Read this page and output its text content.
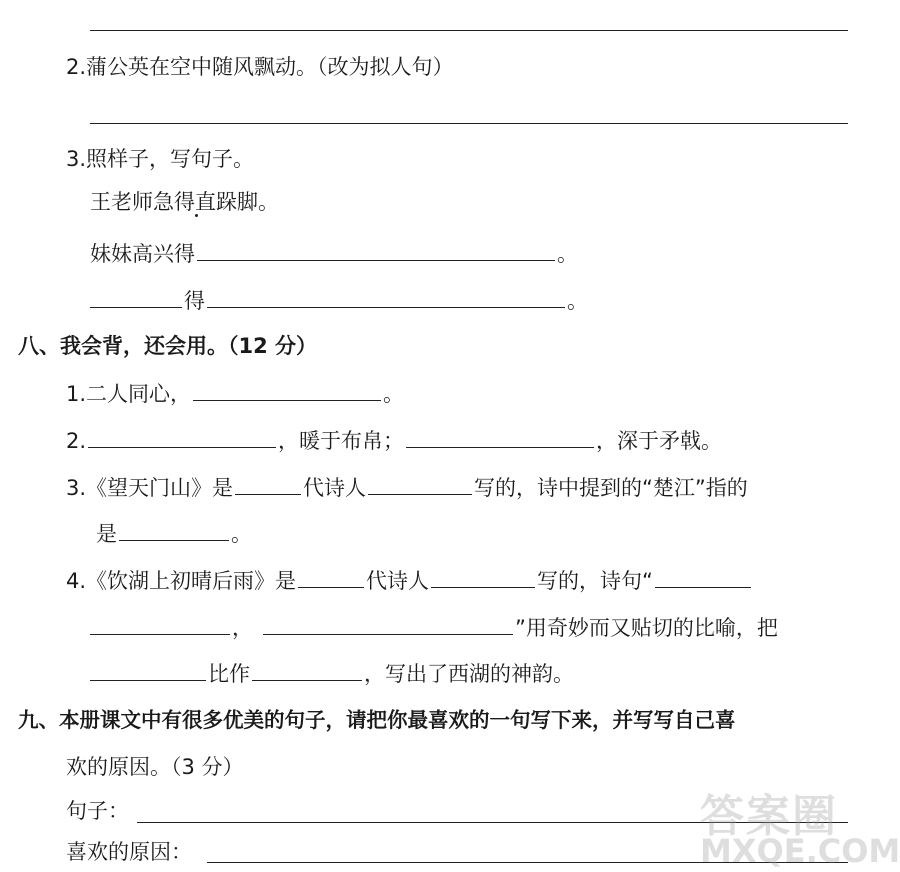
2.蒲公英在空中随风飘动。（改为拟人句）
3.照样子，写句子。
王老师急得直跺脚。
妹妹高兴得	。
得	。
八、我会背，还会用。（12 分）
1.二人同心，	。
2.	，暖于布帛；	，深于矛戟。
3.《望天门山》是	代诗人	写的，诗中提到的“楚江”指的
是	。
4.《饮湖上初晴后雨》是	代诗人	写的，诗句“
，	”用奇妙而又贴切的比喻，把
比作	，写出了西湖的神韵。
九、本册课文中有很多优美的句子，请把你最喜欢的一句写下来，并写写自己喜
欢的原因。（3 分）
句子：
喜欢的原因：
答案圈
MXQE.COM
